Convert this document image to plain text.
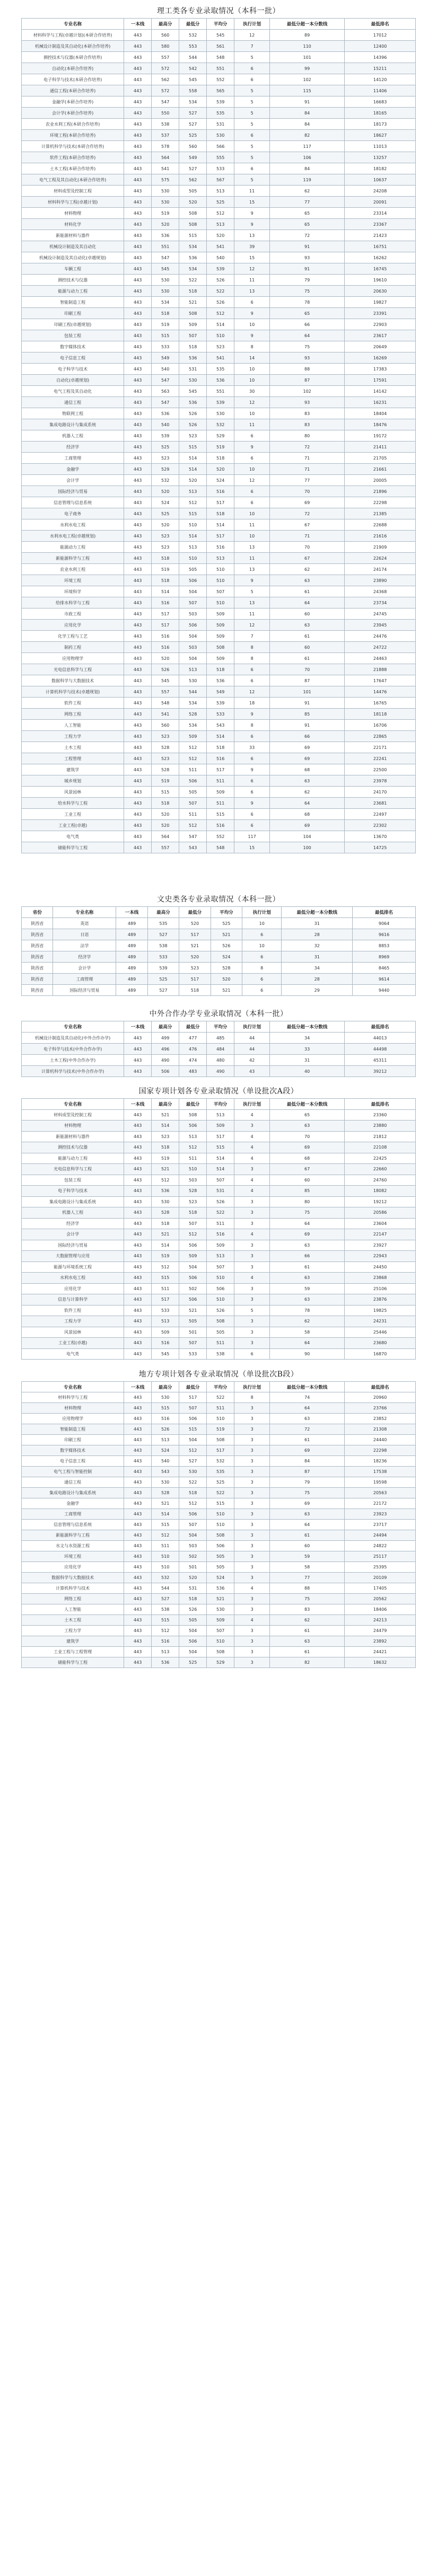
理工类各专业录取情况（本科一批）
专业名称	一本线	最高分	最低分	平均分	执行计划	最低分超一本分数线	最低排名
材料科学与工程(卓越计划)(本研合作培养)	443	560	532	545	12	89	17012
机械设计制造及其自动化(本研合作培养)	443	580	553	561	7	110	12400
测控技术与仪器(本研合作培养)	443	557	544	548	5	101	14396
自动化(本研合作培养)	443	572	542	551	6	99	15211
电子科学与技术(本研合作培养)	443	562	545	552	6	102	14120
通信工程(本研合作培养)	443	572	558	565	5	115	11406
金融学(本研合作培养)	443	547	534	539	5	91	16683
会计学(本研合作培养)	443	550	527	535	5	84	18165
农业水利工程(本研合作培养)	443	538	527	531	5	84	18173
环境工程(本研合作培养)	443	537	525	530	6	82	18627
计算机科学与技术(本研合作培养)	443	578	560	566	5	117	11013
软件工程(本研合作培养)	443	564	549	555	5	106	13257
土木工程(本研合作培养)	443	541	527	533	6	84	18182
电气工程及其自动化(本研合作培养)	443	575	562	567	5	119	10637
材料成型及控制工程	443	530	505	513	11	62	24208
材料科学与工程(卓越计划)	443	530	520	525	15	77	20091
材料物理	443	519	508	512	9	65	23314
材料化学	443	520	508	513	9	65	23367
新能源材料与器件	443	536	515	520	13	72	21423
机械设计制造及其自动化	443	551	534	541	39	91	16751
机械设计制造及其自动化(卓越规划)	443	547	536	540	15	93	16262
车辆工程	443	545	534	539	12	91	16745
测控技术与仪器	443	530	522	526	11	79	19610
能源与动力工程	443	530	518	522	13	75	20630
智能制造工程	443	534	521	526	6	78	19827
印刷工程	443	518	508	512	9	65	23391
印刷工程(卓越规划)	443	519	509	514	10	66	22903
包装工程	443	515	507	510	9	64	23617
数字媒体技术	443	533	518	523	8	75	20649
电子信息工程	443	549	536	541	14	93	16269
电子科学与技术	443	540	531	535	10	88	17383
自动化(卓越规划)	443	547	530	536	10	87	17591
电气工程及其自动化	443	563	545	551	30	102	14142
通信工程	443	547	536	539	12	93	16231
物联网工程	443	536	526	530	10	83	18404
集成电路设计与集成系统	443	540	526	532	11	83	18476
机器人工程	443	539	523	529	6	80	19172
经济学	443	525	515	519	9	72	21411
工商管理	443	523	514	518	6	71	21705
金融学	443	529	514	520	10	71	21661
会计学	443	532	520	524	12	77	20005
国际经济与贸易	443	520	513	516	6	70	21896
信息管理与信息系统	443	524	512	517	6	69	22298
电子商务	443	525	515	518	10	72	21385
水利水电工程	443	520	510	514	11	67	22688
水利水电工程(卓越规划)	443	523	514	517	10	71	21616
能源动力工程	443	523	513	516	13	70	21909
新能源科学与工程	443	518	510	513	11	67	22624
农业水利工程	443	519	505	510	13	62	24174
环境工程	443	518	506	510	9	63	23890
环境科学	443	514	504	507	5	61	24368
给排水科学与工程	443	516	507	510	13	64	23734
市政工程	443	517	503	509	11	60	24745
应用化学	443	517	506	509	12	63	23945
化学工程与工艺	443	516	504	509	7	61	24476
制药工程	443	516	503	508	8	60	24722
应用物理学	443	520	504	509	8	61	24463
光电信息科学与工程	443	526	513	518	6	70	21888
数据科学与大数据技术	443	545	530	536	6	87	17647
计算机科学与技术(卓越规划)	443	557	544	549	12	101	14476
软件工程	443	548	534	539	18	91	16765
网络工程	443	541	528	533	9	85	18118
人工智能	443	560	534	543	8	91	16706
工程力学	443	523	509	514	6	66	22865
土木工程	443	528	512	518	33	69	22171
工程管理	443	523	512	516	6	69	22241
建筑学	443	528	511	517	9	68	22500
城乡规划	443	519	506	511	6	63	23978
风景园林	443	515	505	509	6	62	24170
给水科学与工程	443	518	507	511	9	64	23681
工业工程	443	520	511	515	6	68	22497
工业工程(卓越)	443	520	512	516	6	69	22302
电气类	443	564	547	552	117	104	13670
储能科学与工程	443	557	543	548	15	100	14725
文史类各专业录取情况（本科一批）
省份	专业名称	一本线	最高分	最低分	平均分	执行计划	最低分超一本分数线	最低排名
陕西省	英语	489	535	520	525	10	31	9064
陕西省	日语	489	527	517	521	6	28	9616
陕西省	法学	489	538	521	526	10	32	8853
陕西省	经济学	489	533	520	524	6	31	8969
陕西省	会计学	489	539	523	528	8	34	8465
陕西省	工商管理	489	525	517	520	6	28	9614
陕西省	国际经济与贸易	489	527	518	521	6	29	9440
中外合作办学专业录取情况（本科一批）
专业名称	一本线	最高分	最低分	平均分	执行计划	最低分超一本分数线	最低排名
机械设计制造及其自动化(中外合作办学)	443	499	477	485	44	34	44013
电子科学与技术(中外合作办学)	443	496	476	484	44	33	44498
土木工程(中外合作办学)	443	490	474	480	42	31	45311
计算机科学与技术(中外合作办学)	443	506	483	490	43	40	39212
国家专项计划各专业录取情况（单设批次A段）
专业名称	一本线	最高分	最低分	平均分	执行计划	最低分超一本分数线	最低排名
材料成型及控制工程	443	521	508	513	4	65	23360
材料物理	443	514	506	509	3	63	23880
新能源材料与器件	443	523	513	517	4	70	21812
测控技术与仪器	443	518	512	515	4	69	22108
能源与动力工程	443	519	511	514	4	68	22425
光电信息科学与工程	443	521	510	514	3	67	22660
包装工程	443	512	503	507	4	60	24760
电子科学与技术	443	536	528	531	4	85	18082
集成电路设计与集成系统	443	530	523	526	3	80	19212
机器人工程	443	528	518	522	3	75	20586
经济学	443	518	507	511	3	64	23604
会计学	443	521	512	516	4	69	22147
国际经济与贸易	443	514	506	509	3	63	23927
大数据管理与应用	443	519	509	513	3	66	22943
能源与环境系统工程	443	512	504	507	3	61	24450
水利水电工程	443	515	506	510	4	63	23868
应用化学	443	511	502	506	3	59	25106
信息与计算科学	443	517	506	510	3	63	23876
软件工程	443	533	521	526	5	78	19825
工程力学	443	513	505	508	3	62	24231
风景园林	443	509	501	505	3	58	25446
工业工程(卓越)	443	516	507	511	3	64	23680
电气类	443	545	533	538	6	90	16870
地方专项计划各专业录取情况（单设批次B段）
专业名称	一本线	最高分	最低分	平均分	执行计划	最低分超一本分数线	最低排名
材料科学与工程	443	530	517	522	8	74	20960
材料物理	443	515	507	511	3	64	23766
应用物理学	443	516	506	510	3	63	23852
智能制造工程	443	526	515	519	3	72	21308
印刷工程	443	513	504	508	3	61	24440
数字媒体技术	443	524	512	517	3	69	22298
电子信息工程	443	540	527	532	3	84	18236
电气工程与智能控制	443	543	530	535	3	87	17538
通信工程	443	530	522	525	3	79	19598
集成电路设计与集成系统	443	528	518	522	3	75	20563
金融学	443	521	512	515	3	69	22172
工商管理	443	514	506	510	3	63	23923
信息管理与信息系统	443	515	507	510	3	64	23717
新能源科学与工程	443	512	504	508	3	61	24494
水文与水资源工程	443	511	503	506	3	60	24822
环境工程	443	510	502	505	3	59	25117
应用化学	443	510	501	505	3	58	25395
数据科学与大数据技术	443	532	520	524	3	77	20109
计算机科学与技术	443	544	531	536	4	88	17405
网络工程	443	527	518	521	3	75	20562
人工智能	443	538	526	530	3	83	18406
土木工程	443	515	505	509	4	62	24213
工程力学	443	512	504	507	3	61	24479
建筑学	443	516	506	510	3	63	23892
工业工程与工程管理	443	513	504	508	3	61	24421
储能科学与工程	443	536	525	529	3	82	18632
